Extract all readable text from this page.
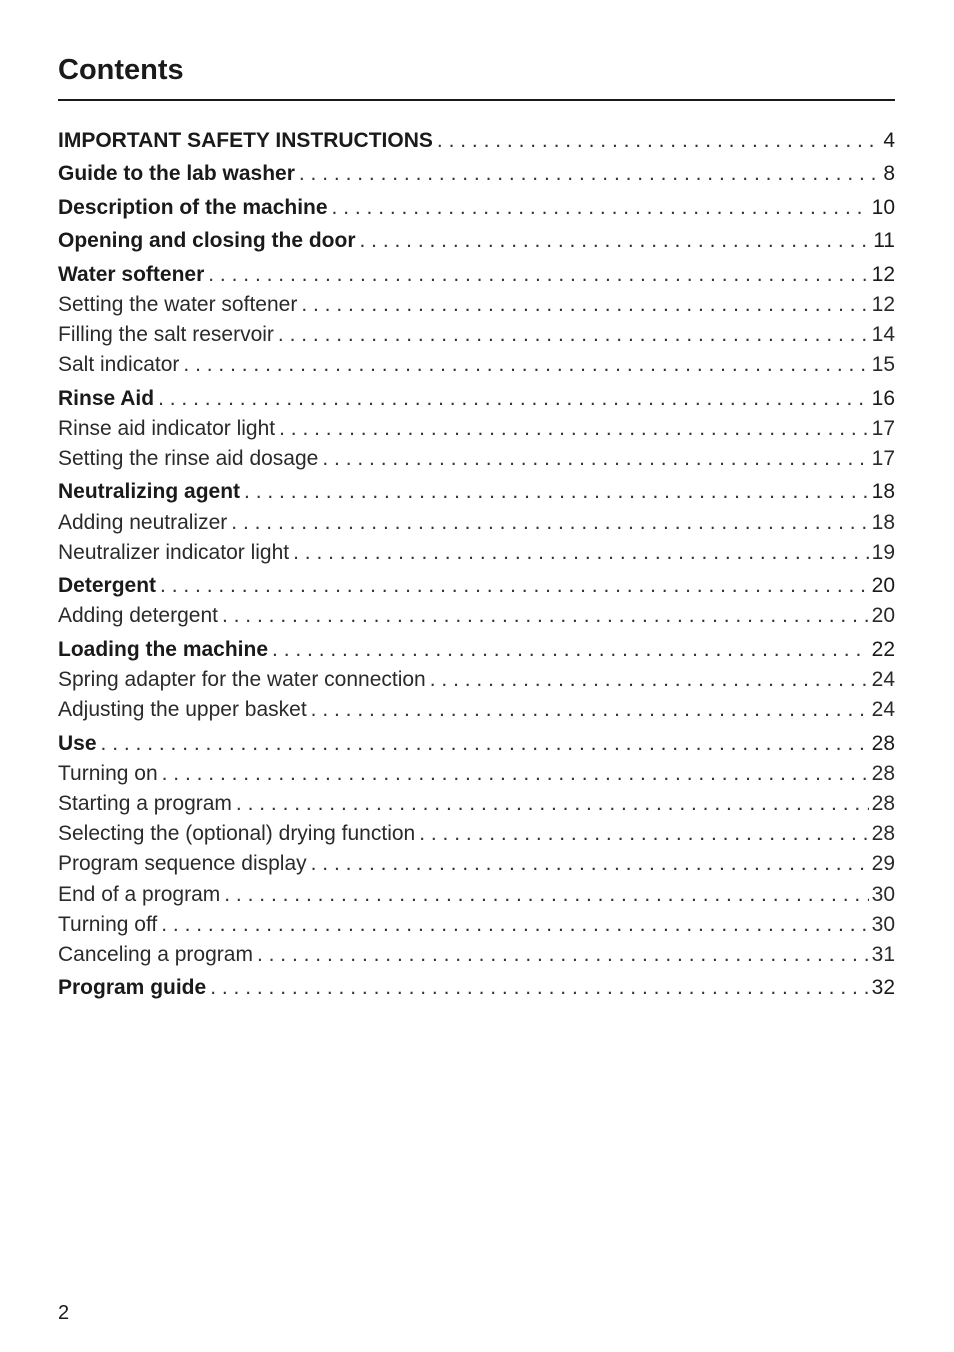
Contents
IMPORTANT SAFETY INSTRUCTIONS . . .	4
Guide to the lab washer . . .	8
Description of the machine . . .	10
Opening and closing the door . . .	11
Water softener . . .	12
Setting the water softener . . .	12
Filling the salt reservoir . . .	14
Salt indicator . . .	15
Rinse Aid . . .	16
Rinse aid indicator light . . .	17
Setting the rinse aid dosage . . .	17
Neutralizing agent . . .	18
Adding neutralizer . . .	18
Neutralizer indicator light . . .	19
Detergent . . .	20
Adding detergent . . .	20
Loading the machine . . .	22
Spring adapter for the water connection . . .	24
Adjusting the upper basket . . .	24
Use . . .	28
Turning on . . .	28
Starting a program . . .	28
Selecting the (optional) drying function . . .	28
Program sequence display . . .	29
End of a program . . .	30
Turning off . . .	30
Canceling a program . . .	31
Program guide . . .	32
2
